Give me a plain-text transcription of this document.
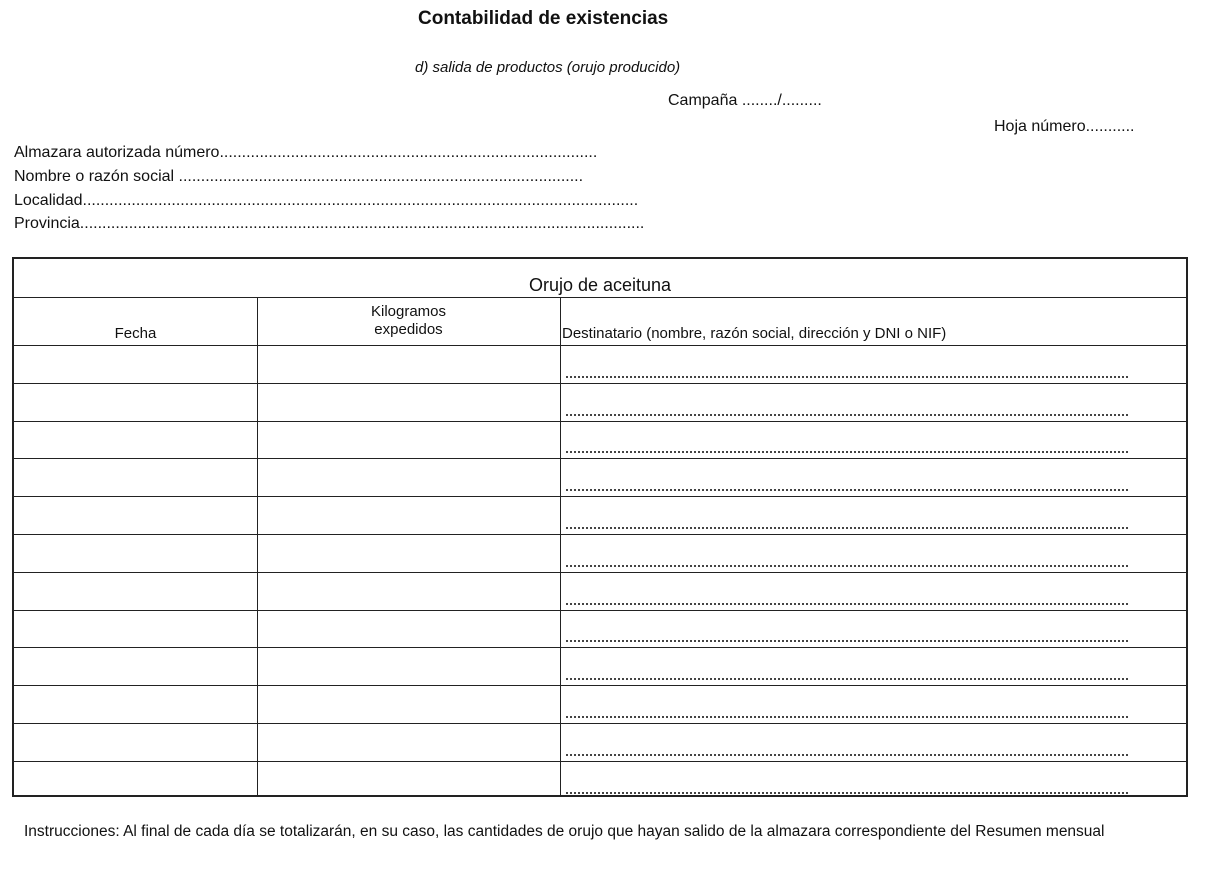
Contabilidad de existencias
d) salida de productos (orujo producido)
Campaña ......../.........
Hoja número...........
Almazara autorizada número.....................................................................................
Nombre o razón social ...........................................................................................
Localidad.............................................................................................................................
Provincia...............................................................................................................................
Orujo de aceituna
Fecha
Kilogramos
expedidos	Destinatario (nombre, razón social, dirección y DNI o NIF)
Instrucciones: Al final de cada día se totalizarán, en su caso, las cantidades de orujo que hayan salido de la almazara correspondiente del Resumen mensual
